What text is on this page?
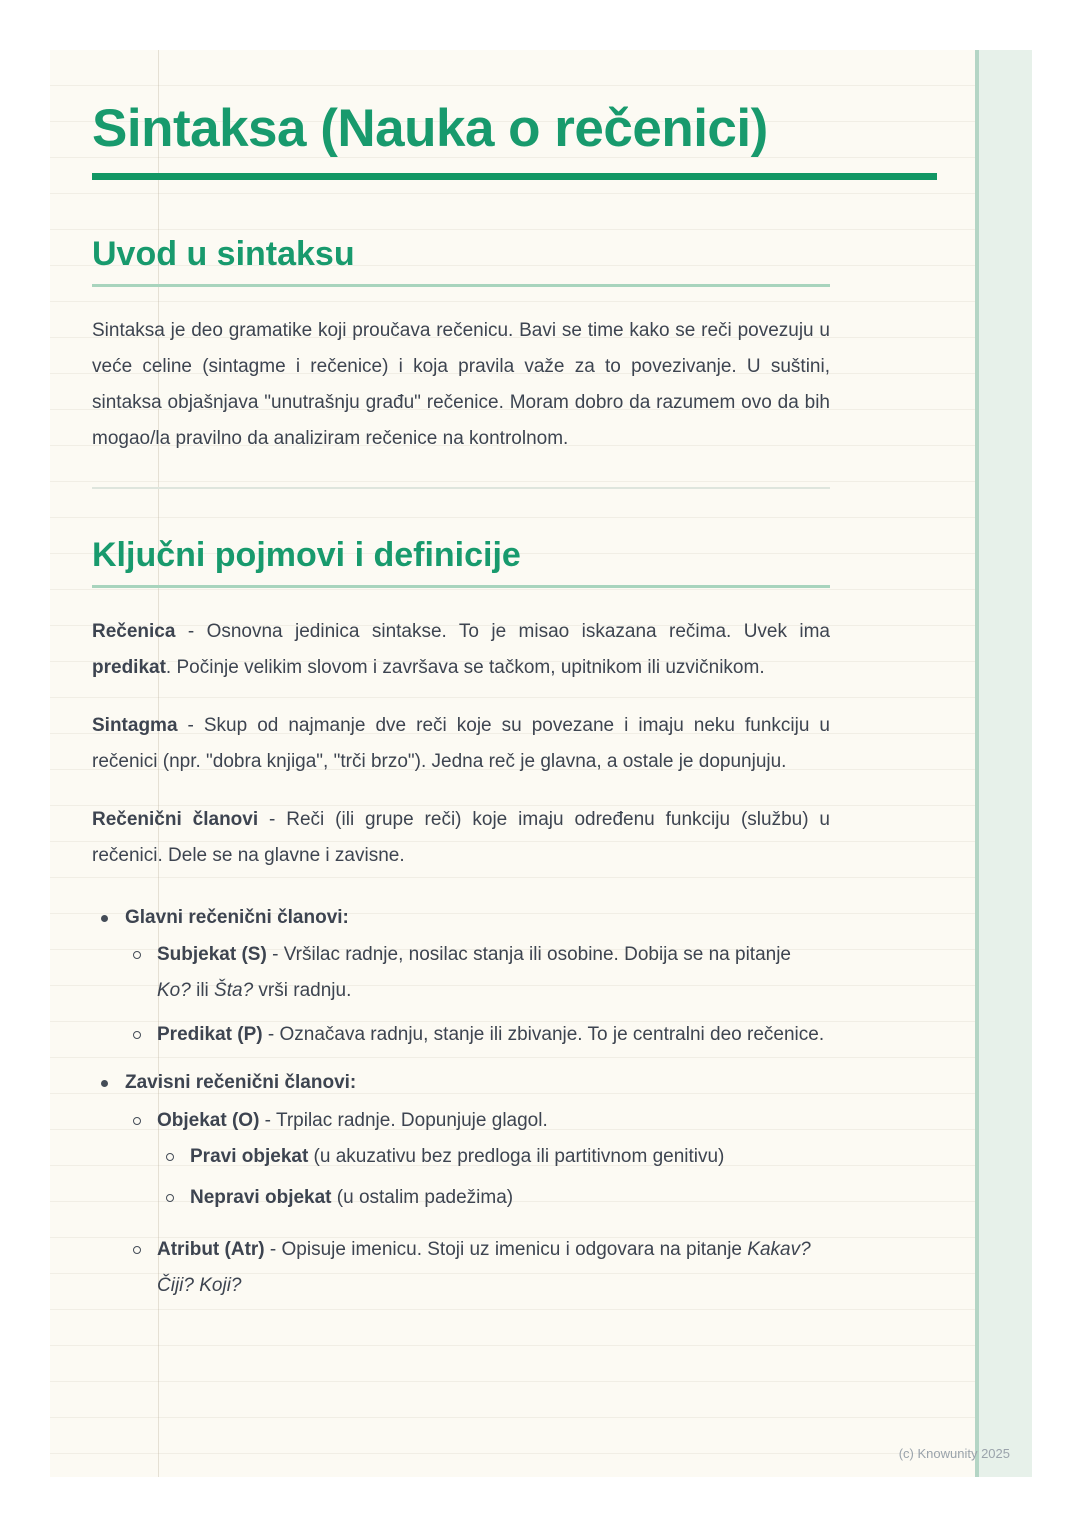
Sintaksa (Nauka o rečenici)
Uvod u sintaksu

Sintaksa je deo gramatike koji proučava rečenicu. Bavi se time kako se reči povezuju u veće celine (sintagme i rečenice) i koja pravila važe za to povezivanje. U suštini, sintaksa objašnjava "unutrašnju građu" rečenice. Moram dobro da razumem ovo da bih mogao/la pravilno da analiziram rečenice na kontrolnom.

Ključni pojmovi i definicije

Rečenica - Osnovna jedinica sintakse. To je misao iskazana rečima. Uvek ima predikat. Počinje velikim slovom i završava se tačkom, upitnikom ili uzvičnikom.

Sintagma - Skup od najmanje dve reči koje su povezane i imaju neku funkciju u rečenici (npr. "dobra knjiga", "trči brzo"). Jedna reč je glavna, a ostale je dopunjuju.

Rečenični članovi - Reči (ili grupe reči) koje imaju određenu funkciju (službu) u rečenici. Dele se na glavne i zavisne.

Glavni rečenični članovi:
Subjekat (S) - Vršilac radnje, nosilac stanja ili osobine. Dobija se na pitanje Ko? ili Šta? vrši radnju.
Predikat (P) - Označava radnju, stanje ili zbivanje. To je centralni deo rečenice.
Zavisni rečenični članovi:
Objekat (O) - Trpilac radnje. Dopunjuje glagol.
Pravi objekat (u akuzativu bez predloga ili partitivnom genitivu)
Nepravi objekat (u ostalim padežima)
Atribut (Atr) - Opisuje imenicu. Stoji uz imenicu i odgovara na pitanje Kakav? Čiji? Koji?
(c) Knowunity 2025
